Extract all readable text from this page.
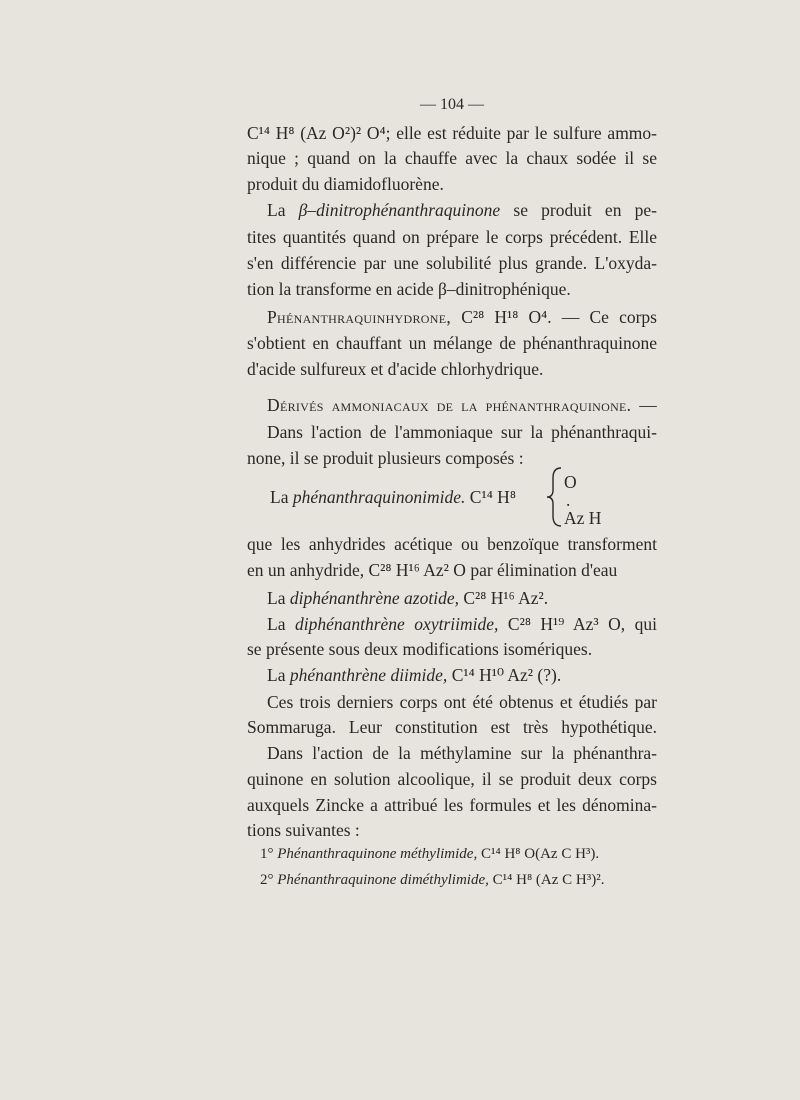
— 104 —
C¹⁴ H⁸ (Az O²)² O⁴; elle est réduite par le sulfure ammo-
nique ; quand on la chauffe avec la chaux sodée il se
produit du diamidofluorène.
La β–dinitrophénanthraquinone se produit en pe-
tites quantités quand on prépare le corps précédent. Elle
s'en différencie par une solubilité plus grande. L'oxyda-
tion la transforme en acide β–dinitrophénique.
Phénanthraquinhydrone, C²⁸ H¹⁸ O⁴. — Ce corps
s'obtient en chauffant un mélange de phénanthraquinone
d'acide sulfureux et d'acide chlorhydrique.
Dérivés ammoniacaux de la phénanthraquinone. —
Dans l'action de l'ammoniaque sur la phénanthraqui-
none, il se produit plusieurs composés :
La phénanthraquinonimide. C¹⁴ H⁸
O
.
Az H
que les anhydrides acétique ou benzoïque transforment
en un anhydride, C²⁸ H¹⁶ Az² O par élimination d'eau
La diphénanthrène azotide, C²⁸ H¹⁶ Az².
La diphénanthrène oxytriimide, C²⁸ H¹⁹ Az³ O, qui
se présente sous deux modifications isomériques.
La phénanthrène diimide, C¹⁴ H¹⁰ Az² (?).
Ces trois derniers corps ont été obtenus et étudiés par
Sommaruga. Leur constitution est très hypothétique.
Dans l'action de la méthylamine sur la phénanthra-
quinone en solution alcoolique, il se produit deux corps
auxquels Zincke a attribué les formules et les dénomina-
tions suivantes :
1° Phénanthraquinone méthylimide, C¹⁴ H⁸ O(Az C H³).
2° Phénanthraquinone diméthylimide, C¹⁴ H⁸ (Az C H³)².
